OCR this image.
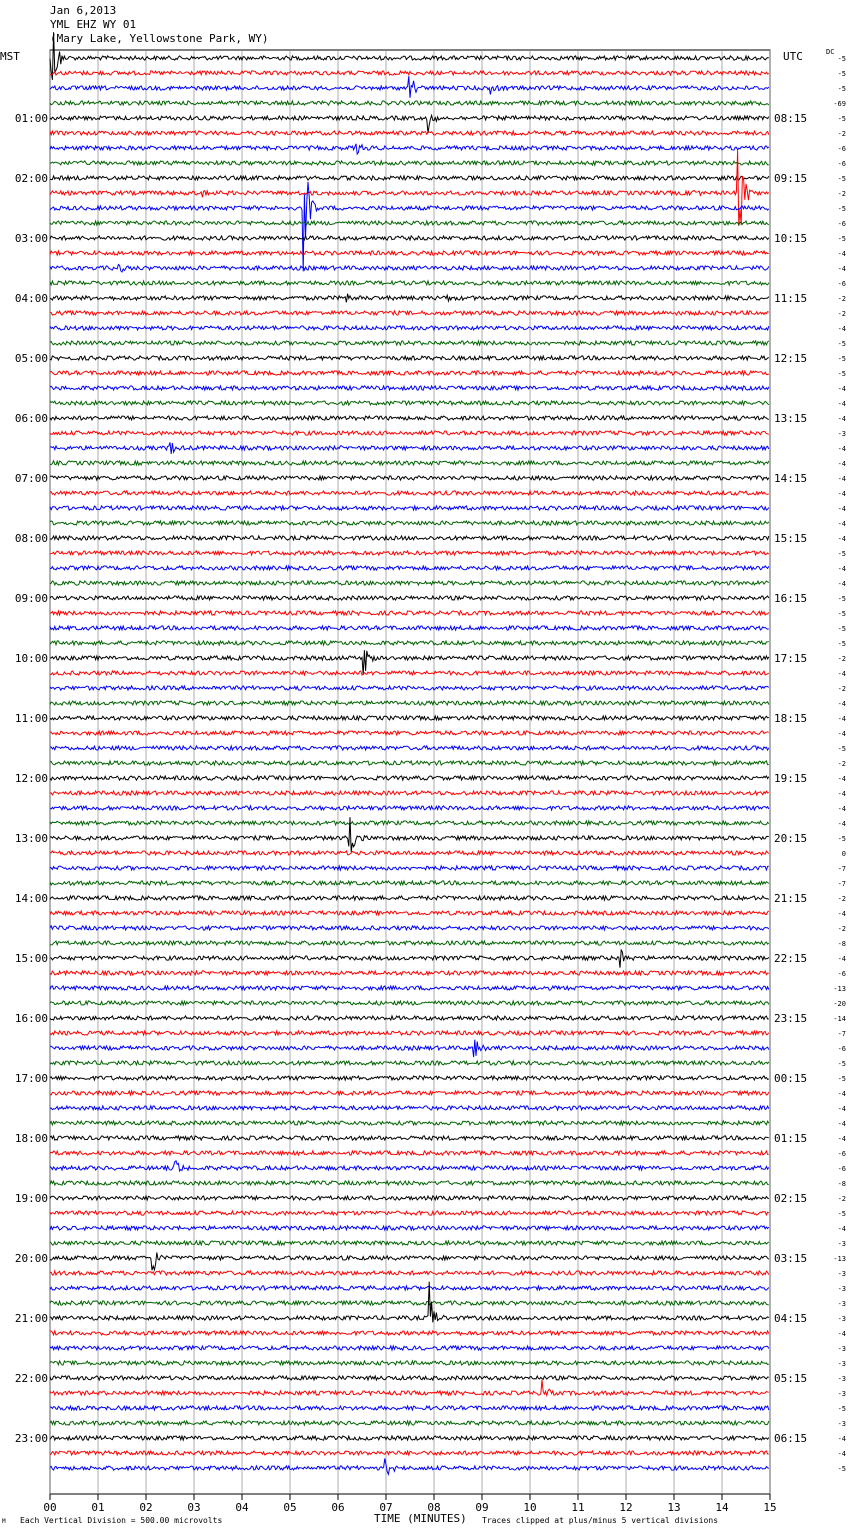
Jan 6,2013
YML EHZ WY 01
(Mary Lake, Yellowstone Park, WY)
MST	UTC	DC
00	01	02	03	04	05	06	07	08	09	10	11	12	13	14	15
-5
-5
-5
-69
-5
-2
-6
-6
-5
-2
-5
-6
-5
-4
-4
-6
-2
-2
-4
-5
-5
-5
-4
-4
-4
-3
-4
-4
-4
-4
-4
-4
-4
-5
-4
-4
-5
-5
-5
-5
-2
-4
-2
-4
-4
-4
-5
-2
-4
-4
-4
-4
-5
0
-7
-7
-2
-4
-2
-8
-4
-6
-13
-20
-14
-7
-6
-5
-5
-4
-4
-4
-4
-6
-6
-8
-2
-5
-4
-3
-13
-3
-3
-3
-3
-4
-3
-3
-3
-3
-5
-3
-4
-4
-5
01:00	08:15
02:00	09:15
03:00	10:15
04:00	11:15
05:00	12:15
06:00	13:15
07:00	14:15
08:00	15:15
09:00	16:15
10:00	17:15
11:00	18:15
12:00	19:15
13:00	20:15
14:00	21:15
15:00	22:15
16:00	23:15
17:00	00:15
18:00	01:15
19:00	02:15
20:00	03:15
21:00	04:15
22:00	05:15
23:00	06:15
TIME (MINUTES)
Each Vertical Division = 500.00 microvolts	Traces clipped at plus/minus 5 vertical divisions
M
